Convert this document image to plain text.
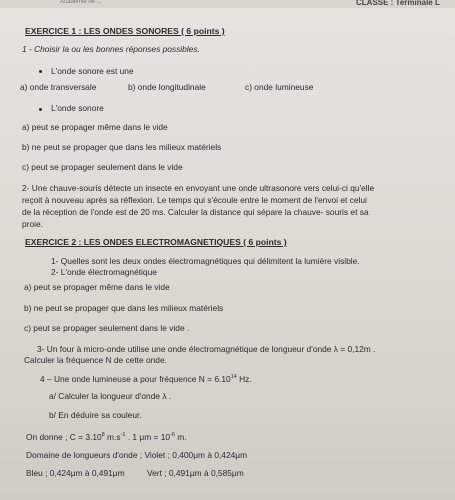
Académie de ...	CLASSE : Terminale L
EXERCICE 1 : LES ONDES SONORES ( 6 points )
1 - Choisir la ou les bonnes réponses possibles.
L'onde sonore est une
a) onde transversale	b) onde longitudinale	c) onde lumineuse
L'onde sonore
a) peut se propager même dans le vide
b) ne peut se propager que dans les milieux matériels
c) peut se propager seulement dans le vide
2- Une chauve-souris détecte un insecte en envoyant une onde ultrasonore vers celui-ci qu'elle
reçoit à nouveau après sa réflexion. Le temps qui s'écoule entre le moment de l'envoi et celui
de la réception de l'onde est de 20 ms. Calculer la distance qui sépare la chauve- souris et sa
proie.
EXERCICE 2 : LES ONDES ELECTROMAGNETIQUES ( 6 points )
1- Quelles sont les deux ondes électromagnétiques qui délimitent la lumière visible.
2- L'onde électromagnétique
a) peut se propager même dans le vide
b) ne peut se propager que dans les milieux matériels
c) peut se propager seulement dans le vide .
3- Un four à micro-onde utilise une onde électromagnétique de longueur d'onde λ = 0,12m .
Calculer la fréquence N de cette onde.
4 – Une onde lumineuse a pour fréquence $N = 6.10^{14}$ Hz.
a/ Calculer la longueur d'onde λ .
b/ En déduire sa couleur.
On donne ; $C = 3.10^8$ $m.s^{-1}$ . 1 $\mu m = 10^{-6}$ m.
Domaine de longueurs d'onde ; Violet ; 0,400μm à 0,424μm
Bleu ; 0,424μm à 0,491μm	Vert ; 0,491μm à 0,585μm
